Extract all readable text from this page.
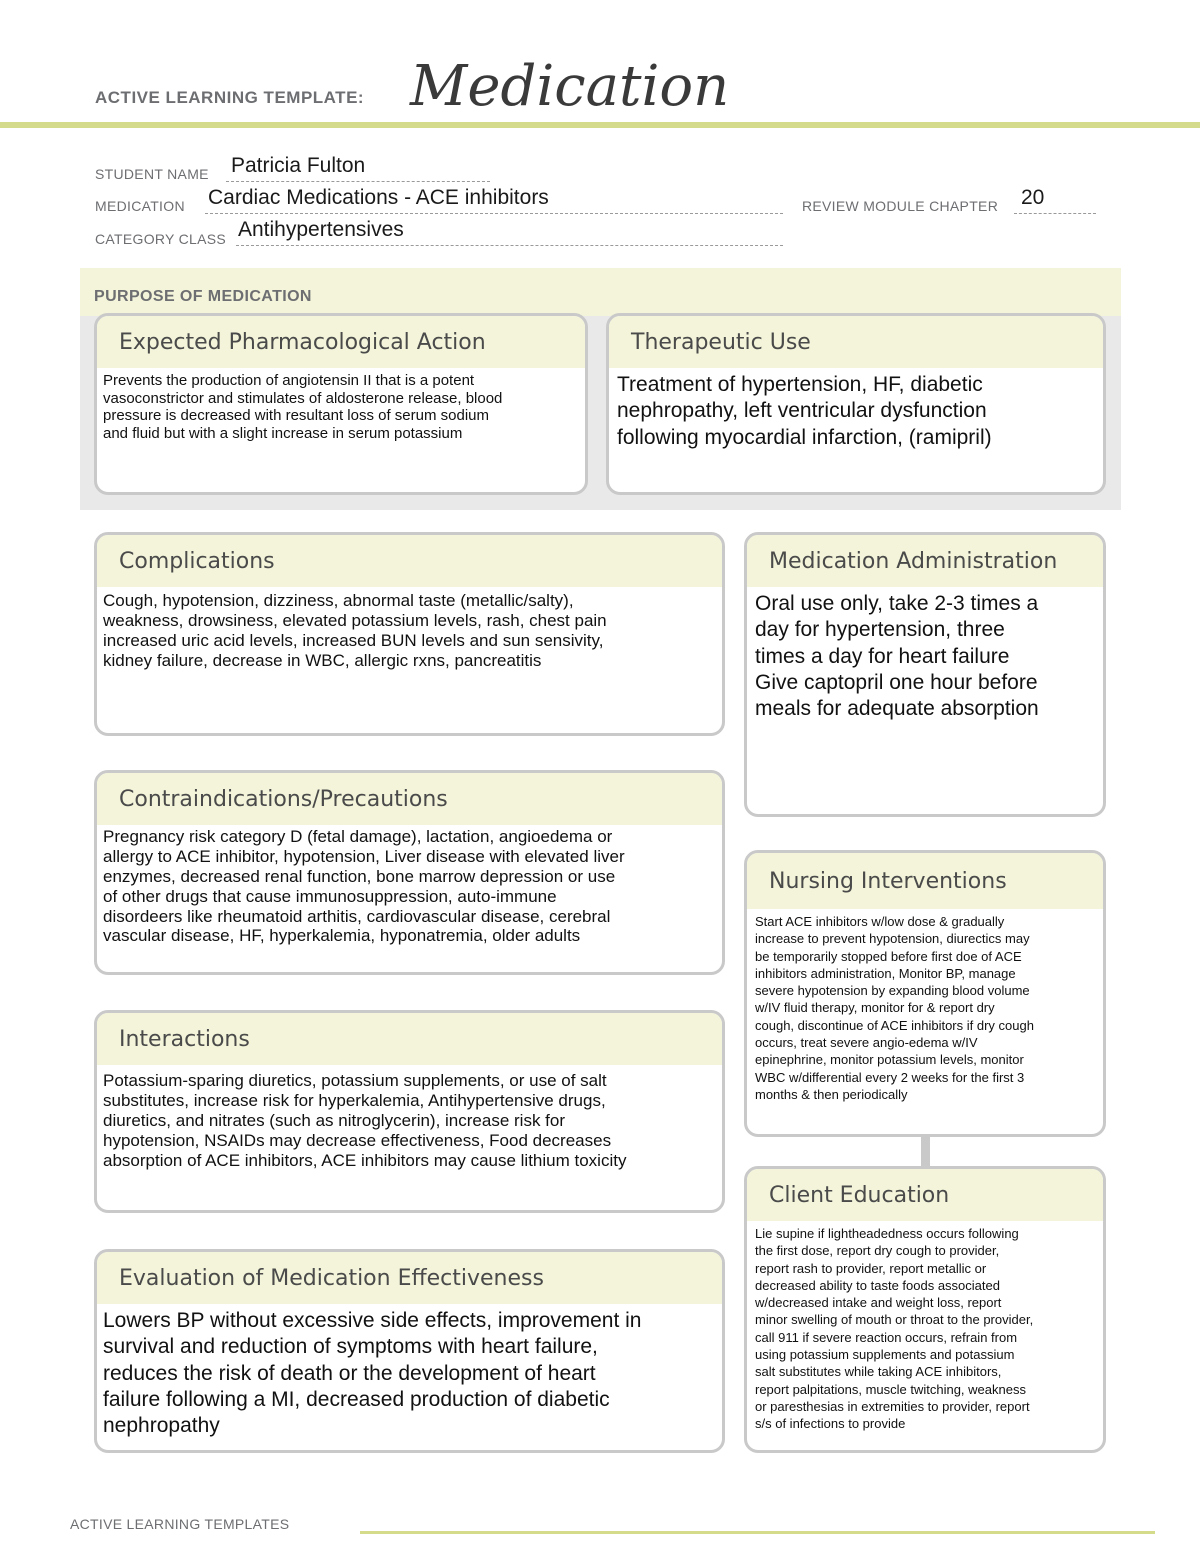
ACTIVE LEARNING TEMPLATE: Medication
STUDENT NAME Patricia Fulton
MEDICATION Cardiac Medications - ACE inhibitors	REVIEW MODULE CHAPTER 20
CATEGORY CLASS Antihypertensives
PURPOSE OF MEDICATION
Expected Pharmacological Action
Prevents the production of angiotensin II that is a potent
vasoconstrictor and stimulates of aldosterone release, blood
pressure is decreased with resultant loss of serum sodium
and fluid but with a slight increase in serum potassium
Therapeutic Use
Treatment of hypertension, HF, diabetic
nephropathy, left ventricular dysfunction
following myocardial infarction, (ramipril)
Complications
Cough, hypotension, dizziness, abnormal taste (metallic/salty),
weakness, drowsiness, elevated potassium levels, rash, chest pain
increased uric acid levels, increased BUN levels and sun sensivity,
kidney failure, decrease in WBC, allergic rxns, pancreatitis
Medication Administration
Oral use only, take 2-3 times a
day for hypertension, three
times a day for heart failure
Give captopril one hour before
meals for adequate absorption
Contraindications/Precautions
Pregnancy risk category D (fetal damage), lactation, angioedema or
allergy to ACE inhibitor, hypotension, Liver disease with elevated liver
enzymes, decreased renal function, bone marrow depression or use
of other drugs that cause immunosuppression, auto-immune
disordeers like rheumatoid arthitis, cardiovascular disease, cerebral
vascular disease, HF, hyperkalemia, hyponatremia, older adults
Nursing Interventions
Start ACE inhibitors w/low dose & gradually
increase to prevent hypotension, diurectics may
be temporarily stopped before first doe of ACE
inhibitors administration, Monitor BP, manage
severe hypotension by expanding blood volume
w/IV fluid therapy, monitor for & report dry
cough, discontinue of ACE inhibitors if dry cough
occurs, treat severe angio-edema w/IV
epinephrine, monitor potassium levels, monitor
WBC w/differential every 2 weeks for the first 3
months & then periodically
Interactions
Potassium-sparing diuretics, potassium supplements, or use of salt
substitutes, increase risk for hyperkalemia, Antihypertensive drugs,
diuretics, and nitrates (such as nitroglycerin), increase risk for
hypotension, NSAIDs may decrease effectiveness, Food decreases
absorption of ACE inhibitors, ACE inhibitors may cause lithium toxicity
Client Education
Lie supine if lightheadedness occurs following
the first dose, report dry cough to provider,
report rash to provider, report metallic or
decreased ability to taste foods associated
w/decreased intake and weight loss, report
minor swelling of mouth or throat to the provider,
call 911 if severe reaction occurs, refrain from
using potassium supplements and potassium
salt substitutes while taking ACE inhibitors,
report palpitations, muscle twitching, weakness
or paresthesias in extremities to provider, report
s/s of infections to provide
Evaluation of Medication Effectiveness
Lowers BP without excessive side effects, improvement in
survival and reduction of symptoms with heart failure,
reduces the risk of death or the development of heart
failure following a MI, decreased production of diabetic
nephropathy
ACTIVE LEARNING TEMPLATES
